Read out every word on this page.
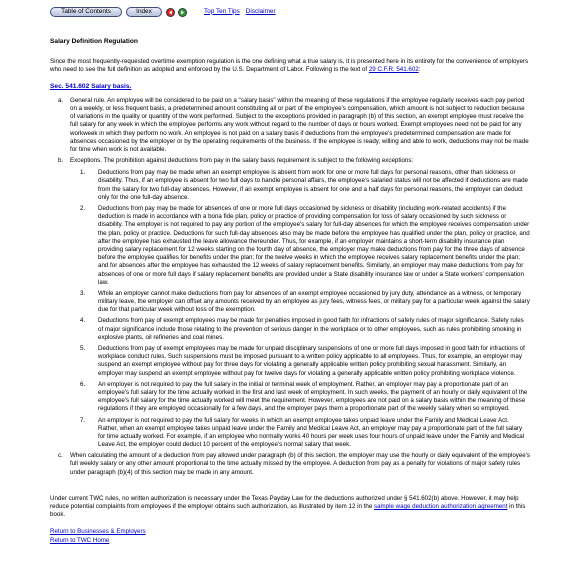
Table of Contents	Index	Top Ten Tips Disclaimer
Salary Definition Regulation

Since the most frequently-requested overtime exemption regulation is the one defining what a true salary is, it is presented here in its entirety for the convenience of employers who need to see the full definition as adopted and enforced by the U.S. Department of Labor. Following is the text of 29 C.F.R. 541.602:

Sec. 541.602 Salary basis.
a. General rule. An employee will be considered to be paid on a "salary basis" within the meaning of these regulations if the employee regularly receives each pay period on a weekly, or less frequent basis, a predetermined amount constituting all or part of the employee's compensation, which amount is not subject to reduction because of variations in the quality or quantity of the work performed. Subject to the exceptions provided in paragraph (b) of this section, an exempt employee must receive the full salary for any week in which the employee performs any work without regard to the number of days or hours worked. Exempt employees need not be paid for any workweek in which they perform no work. An employee is not paid on a salary basis if deductions from the employee's predetermined compensation are made for absences occasioned by the employer or by the operating requirements of the business. If the employee is ready, willing and able to work, deductions may not be made for time when work is not available.
b. Exceptions. The prohibition against deductions from pay in the salary basis requirement is subject to the following exceptions:
1. Deductions from pay may be made when an exempt employee is absent from work for one or more full days for personal reasons, other than sickness or disability. Thus, if an employee is absent for two full days to handle personal affairs, the employee's salaried status will not be affected if deductions are made from the salary for two full-day absences. However, if an exempt employee is absent for one and a half days for personal reasons, the employer can deduct only for the one full-day absence.
2. Deductions from pay may be made for absences of one or more full days occasioned by sickness or disability (including work-related accidents) if the deduction is made in accordance with a bona fide plan, policy or practice of providing compensation for loss of salary occasioned by such sickness or disability. The employer is not required to pay any portion of the employee's salary for full-day absences for which the employee receives compensation under the plan, policy or practice. Deductions for such full-day absences also may be made before the employee has qualified under the plan, policy or practice, and after the employee has exhausted the leave allowance thereunder. Thus, for example, if an employer maintains a short-term disability insurance plan providing salary replacement for 12 weeks starting on the fourth day of absence, the employer may make deductions from pay for the three days of absence before the employee qualifies for benefits under the plan; for the twelve weeks in which the employee receives salary replacement benefits under the plan; and for absences after the employee has exhausted the 12 weeks of salary replacement benefits. Similarly, an employer may make deductions from pay for absences of one or more full days if salary replacement benefits are provided under a State disability insurance law or under a State workers' compensation law.
3. While an employer cannot make deductions from pay for absences of an exempt employee occasioned by jury duty, attendance as a witness, or temporary military leave, the employer can offset any amounts received by an employee as jury fees, witness fees, or military pay for a particular week against the salary due for that particular week without loss of the exemption.
4. Deductions from pay of exempt employees may be made for penalties imposed in good faith for infractions of safety rules of major significance. Safety rules of major significance include those relating to the prevention of serious danger in the workplace or to other employees, such as rules prohibiting smoking in explosive plants, oil refineries and coal mines.
5. Deductions from pay of exempt employees may be made for unpaid disciplinary suspensions of one or more full days imposed in good faith for infractions of workplace conduct rules. Such suspensions must be imposed pursuant to a written policy applicable to all employees. Thus, for example, an employer may suspend an exempt employee without pay for three days for violating a generally applicable written policy prohibiting sexual harassment. Similarly, an employer may suspend an exempt employee without pay for twelve days for violating a generally applicable written policy prohibiting workplace violence.
6. An employer is not required to pay the full salary in the initial or terminal week of employment. Rather, an employer may pay a proportionate part of an employee's full salary for the time actually worked in the first and last week of employment. In such weeks, the payment of an hourly or daily equivalent of the employee's full salary for the time actually worked will meet the requirement. However, employees are not paid on a salary basis within the meaning of these regulations if they are employed occasionally for a few days, and the employer pays them a proportionate part of the weekly salary when so employed.
7. An employer is not required to pay the full salary for weeks in which an exempt employee takes unpaid leave under the Family and Medical Leave Act. Rather, when an exempt employee takes unpaid leave under the Family and Medical Leave Act, an employer may pay a proportionate part of the full salary for time actually worked. For example, if an employee who normally works 40 hours per week uses four hours of unpaid leave under the Family and Medical Leave Act, the employer could deduct 10 percent of the employee's normal salary that week.
c. When calculating the amount of a deduction from pay allowed under paragraph (b) of this section, the employer may use the hourly or daily equivalent of the employee's full weekly salary or any other amount proportional to the time actually missed by the employee. A deduction from pay as a penalty for violations of major safety rules under paragraph (b)(4) of this section may be made in any amount.

Under current TWC rules, no written authorization is necessary under the Texas Payday Law for the deductions authorized under § 541.602(b) above. However, it may help reduce potential complaints from employees if the employer obtains such authorization, as illustrated by item 12 in the sample wage deduction authorization agreement in this book.

Return to Businesses & Employers
Return to TWC Home
